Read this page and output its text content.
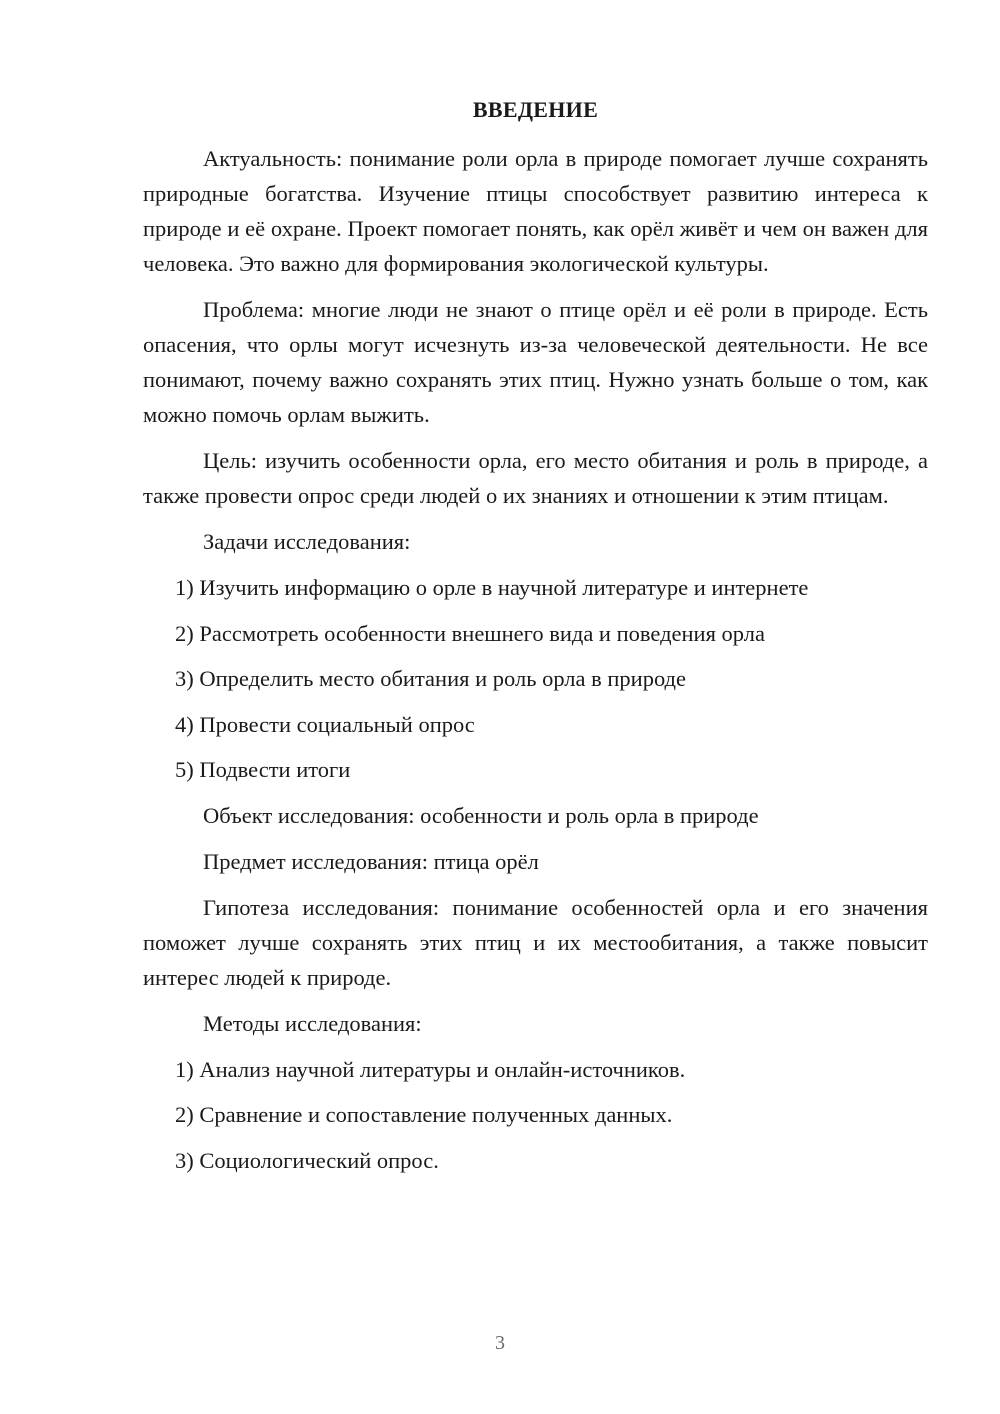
ВВЕДЕНИЕ

Актуальность: понимание роли орла в природе помогает лучше сохранять природные богатства. Изучение птицы способствует развитию интереса к природе и её охране. Проект помогает понять, как орёл живёт и чем он важен для человека. Это важно для формирования экологической культуры.

Проблема: многие люди не знают о птице орёл и её роли в природе. Есть опасения, что орлы могут исчезнуть из-за человеческой деятельности. Не все понимают, почему важно сохранять этих птиц. Нужно узнать больше о том, как можно помочь орлам выжить.

Цель: изучить особенности орла, его место обитания и роль в природе, а также провести опрос среди людей о их знаниях и отношении к этим птицам.

Задачи исследования:

1) Изучить информацию о орле в научной литературе и интернете

2) Рассмотреть особенности внешнего вида и поведения орла

3) Определить место обитания и роль орла в природе

4) Провести социальный опрос

5) Подвести итоги

Объект исследования: особенности и роль орла в природе

Предмет исследования: птица орёл

Гипотеза исследования: понимание особенностей орла и его значения поможет лучше сохранять этих птиц и их местообитания, а также повысит интерес людей к природе.

Методы исследования:

1) Анализ научной литературы и онлайн-источников.

2) Сравнение и сопоставление полученных данных.

3) Социологический опрос.

3
